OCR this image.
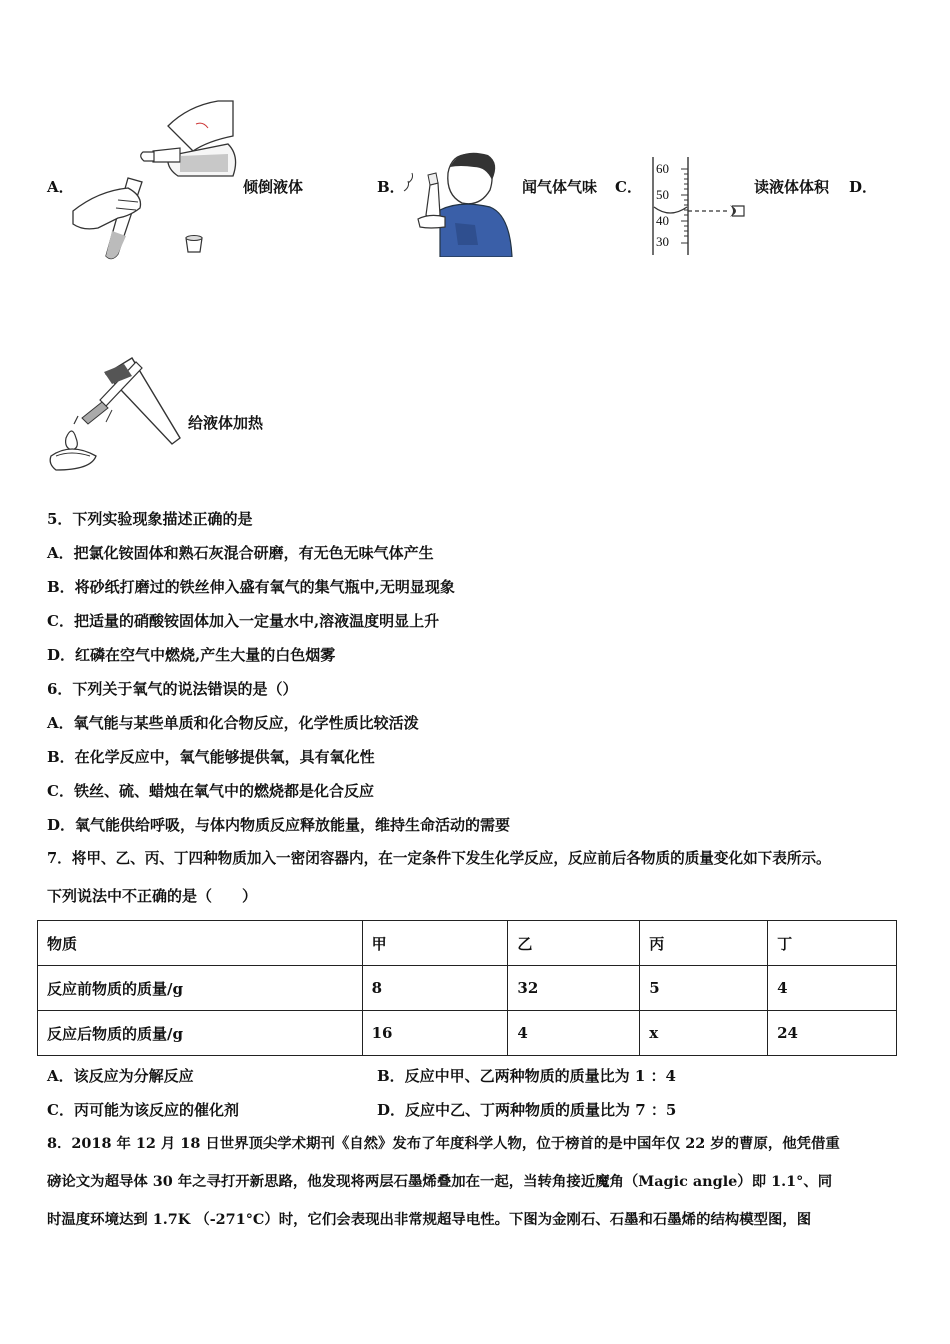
A．	倾倒液体	B．	闻气体气味 C．
60
50
40
30
读液体体积 D．
给液体加热
5．下列实验现象描述正确的是
A．把氯化铵固体和熟石灰混合研磨，有无色无味气体产生
B．将砂纸打磨过的铁丝伸入盛有氧气的集气瓶中,无明显现象
C．把适量的硝酸铵固体加入一定量水中,溶液温度明显上升
D．红磷在空气中燃烧,产生大量的白色烟雾
6．下列关于氧气的说法错误的是（）
A．氧气能与某些单质和化合物反应，化学性质比较活泼
B．在化学反应中，氧气能够提供氧，具有氧化性
C．铁丝、硫、蜡烛在氧气中的燃烧都是化合反应
D．氧气能供给呼吸，与体内物质反应释放能量，维持生命活动的需要
7．将甲、乙、丙、丁四种物质加入一密闭容器内，在一定条件下发生化学反应，反应前后各物质的质量变化如下表所示。
下列说法中不正确的是（　　）
物质	甲	乙	丙	丁
反应前物质的质量/g	8	32	5	4
反应后物质的质量/g	16	4	x	24
A．该反应为分解反应	B．反应中甲、乙两种物质的质量比为 1 ：4
C．丙可能为该反应的催化剂	D．反应中乙、丁两种物质的质量比为 7 ：5
8．2018 年 12 月 18 日世界顶尖学术期刊《自然》发布了年度科学人物，位于榜首的是中国年仅 22 岁的曹原，他凭借重
磅论文为超导体 30 年之寻打开新思路，他发现将两层石墨烯叠加在一起，当转角接近魔角（Magic angle）即 1.1°、同
时温度环境达到 1.7K （-271°C）时，它们会表现出非常规超导电性。下图为金刚石、石墨和石墨烯的结构模型图，图
